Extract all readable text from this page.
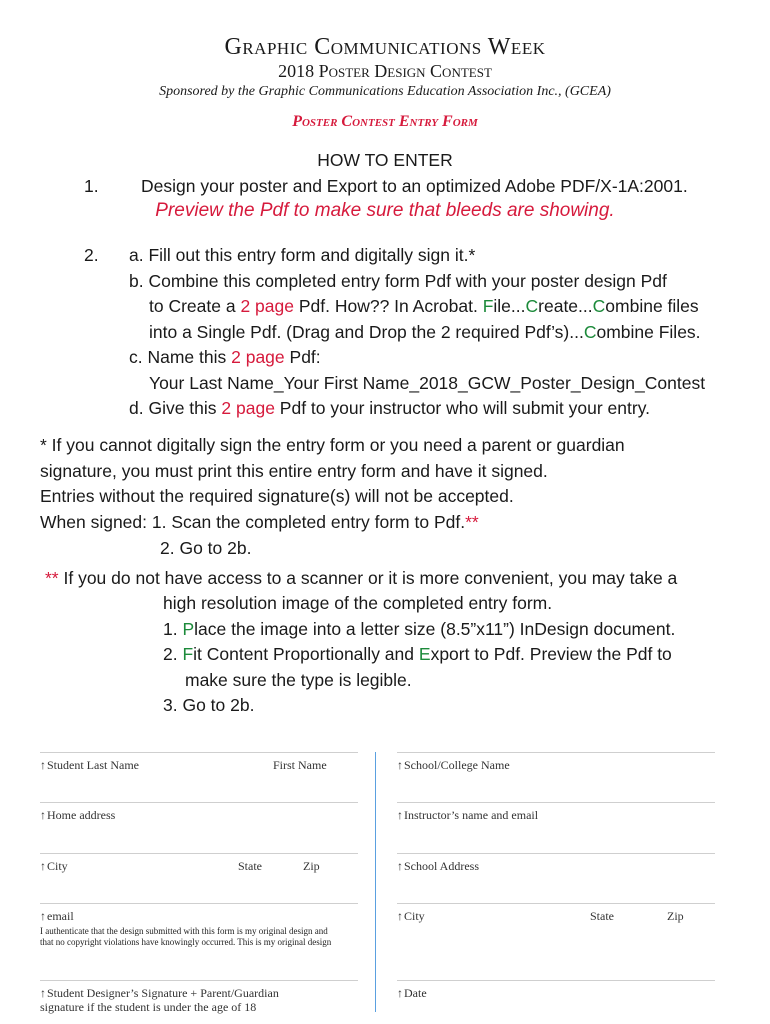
Graphic Communications Week
2018 Poster Design Contest
Sponsored by the Graphic Communications Education Association Inc., (GCEA)
Poster Contest Entry Form
HOW TO ENTER
1. Design your poster and Export to an optimized Adobe PDF/X-1A:2001.
Preview the Pdf to make sure that bleeds are showing.
2. a. Fill out this entry form and digitally sign it.*
b. Combine this completed entry form Pdf with your poster design Pdf
to Create a 2 page Pdf. How?? In Acrobat. File...Create...Combine files
into a Single Pdf. (Drag and Drop the 2 required Pdf’s)...Combine Files.
c. Name this 2 page Pdf:
Your Last Name_Your First Name_2018_GCW_Poster_Design_Contest
d. Give this 2 page Pdf to your instructor who will submit your entry.
* If you cannot digitally sign the entry form or you need a parent or guardian
signature, you must print this entire entry form and have it signed.
Entries without the required signature(s) will not be accepted.
When signed: 1. Scan the completed entry form to Pdf.**
2. Go to 2b.
** If you do not have access to a scanner or it is more convenient, you may take a
high resolution image of the completed entry form.
1. Place the image into a letter size (8.5”x11”) InDesign document.
2. Fit Content Proportionally and Export to Pdf. Preview the Pdf to
make sure the type is legible.
3. Go to 2b.
↑Student Last Name	First Name
↑Home address
↑City	State	Zip
↑email
I authenticate that the design submitted with this form is my original design and
that no copyright violations have knowingly occurred. This is my original design
↑Student Designer’s Signature + Parent/Guardian
signature if the student is under the age of 18
↑School/College Name
↑Instructor’s name and email
↑School Address
↑City	State	Zip
↑Date
